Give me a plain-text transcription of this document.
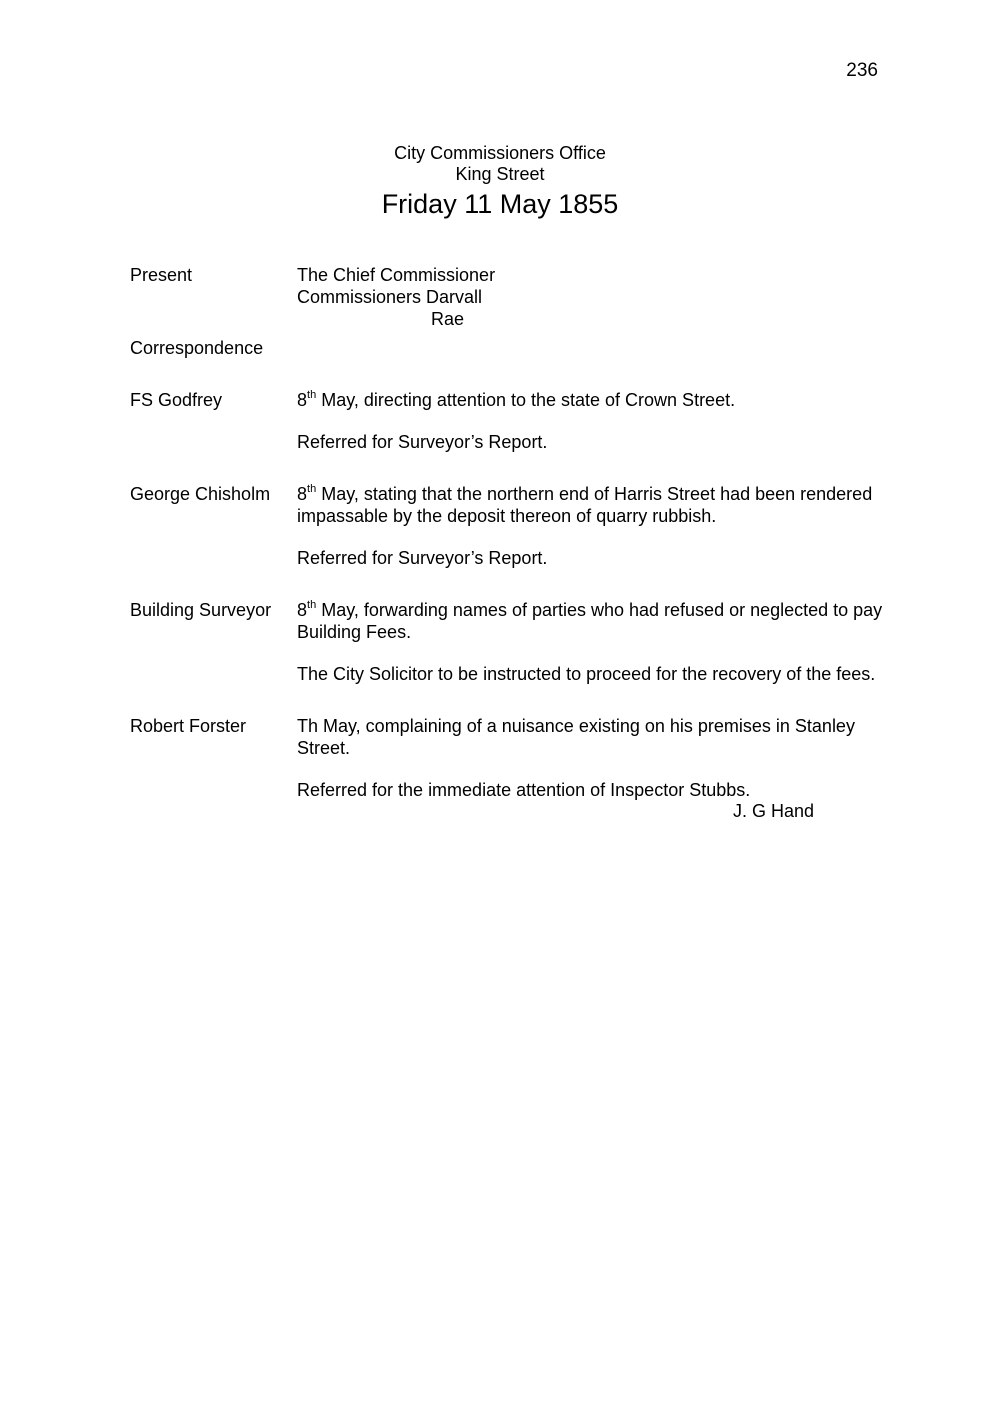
236
City Commissioners Office
King Street
Friday 11 May 1855
Present	The Chief Commissioner
Commissioners Darvall
Rae
Correspondence
FS Godfrey	8th May, directing attention to the state of Crown Street.

Referred for Surveyor’s Report.

George Chisholm	8th May, stating that the northern end of Harris Street had been rendered impassable by the deposit thereon of quarry rubbish.

Referred for Surveyor’s Report.

Building Surveyor	8th May, forwarding names of parties who had refused or neglected to pay Building Fees.

The City Solicitor to be instructed to proceed for the recovery of the fees.

Robert Forster	Th May, complaining of a nuisance existing on his premises in Stanley Street.

Referred for the immediate attention of Inspector Stubbs.

J. G Hand
